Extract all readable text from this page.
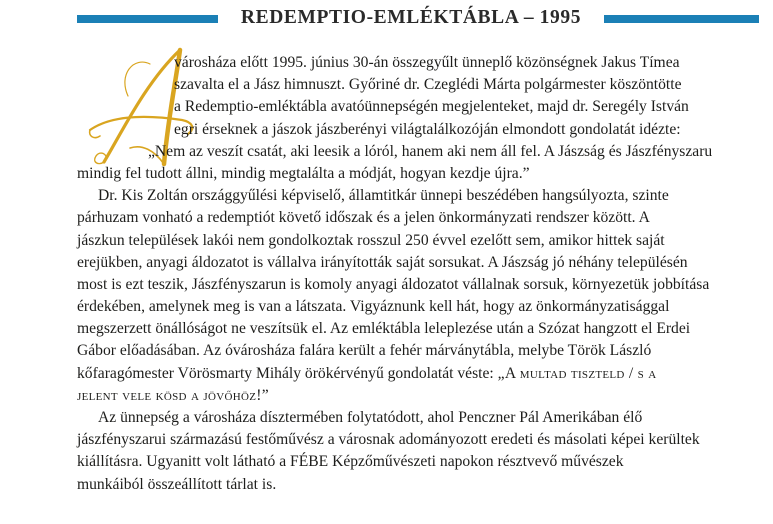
REDEMPTIO-EMLÉKTÁBLA – 1995
városháza előtt 1995. június 30-án összegyűlt ünneplő közönségnek Jakus Tímea
szavalta el a Jász himnuszt. Győriné dr. Czeglédi Márta polgármester köszöntötte
a Redemptio-emléktábla avatóünnepségén megjelenteket, majd dr. Seregély István
egri érseknek a jászok jászberényi világtalálkozóján elmondott gondolatát idézte:
„Nem az veszít csatát, aki leesik a lóról, hanem aki nem áll fel. A Jászság és Jászfényszaru
mindig fel tudott állni, mindig megtalálta a módját, hogyan kezdje újra.”
Dr. Kis Zoltán országgyűlési képviselő, államtitkár ünnepi beszédében hangsúlyozta, szinte
párhuzam vonható a redemptiót követő időszak és a jelen önkormányzati rendszer között. A
jászkun települések lakói nem gondolkoztak rosszul 250 évvel ezelőtt sem, amikor hittek saját
erejükben, anyagi áldozatot is vállalva irányították saját sorsukat. A Jászság jó néhány településén
most is ezt teszik, Jászfényszarun is komoly anyagi áldozatot vállalnak sorsuk, környezetük jobbítása
érdekében, amelynek meg is van a látszata. Vigyáznunk kell hát, hogy az önkormányzatisággal
megszerzett önállóságot ne veszítsük el. Az emléktábla leleplezése után a Szózat hangzott el Erdei
Gábor előadásában. Az óvárosháza falára került a fehér márványtábla, melybe Török László
kőfaragómester Vörösmarty Mihály örökérvényű gondolatát véste: „A multad tiszteld / s a
jelent vele kösd a jövőhöz!”
Az ünnepség a városháza dísztermében folytatódott, ahol Penczner Pál Amerikában élő
jászfényszarui származású festőművész a városnak adományozott eredeti és másolati képei kerültek
kiállításra. Ugyanitt volt látható a FÉBE Képzőművészeti napokon résztvevő művészek
munkáiból összeállított tárlat is.
